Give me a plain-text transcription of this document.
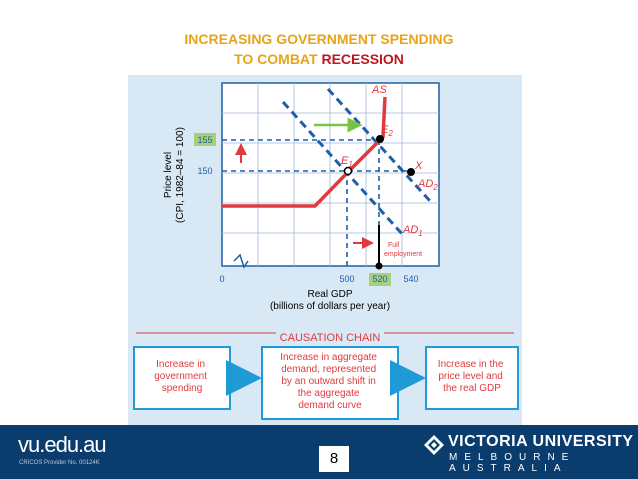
INCREASING GOVERNMENT SPENDING
TO COMBAT RECESSION
AS
$E_2$
$E_1$	X
$AD_2$
$AD_1$
Full
employment
155
150
Price level (CPI, 1982–84 = 100)
0	500 520 540
Real GDP
(billions of dollars per year)
CAUSATION CHAIN
Increase in government spending
Increase in aggregate demand, represented by an outward shift in the aggregate demand curve
Increase in the price level and the real GDP
vu.edu.au
CRICOS Provider No. 00124K	8
VICTORIA UNIVERSITY
MELBOURNE AUSTRALIA
